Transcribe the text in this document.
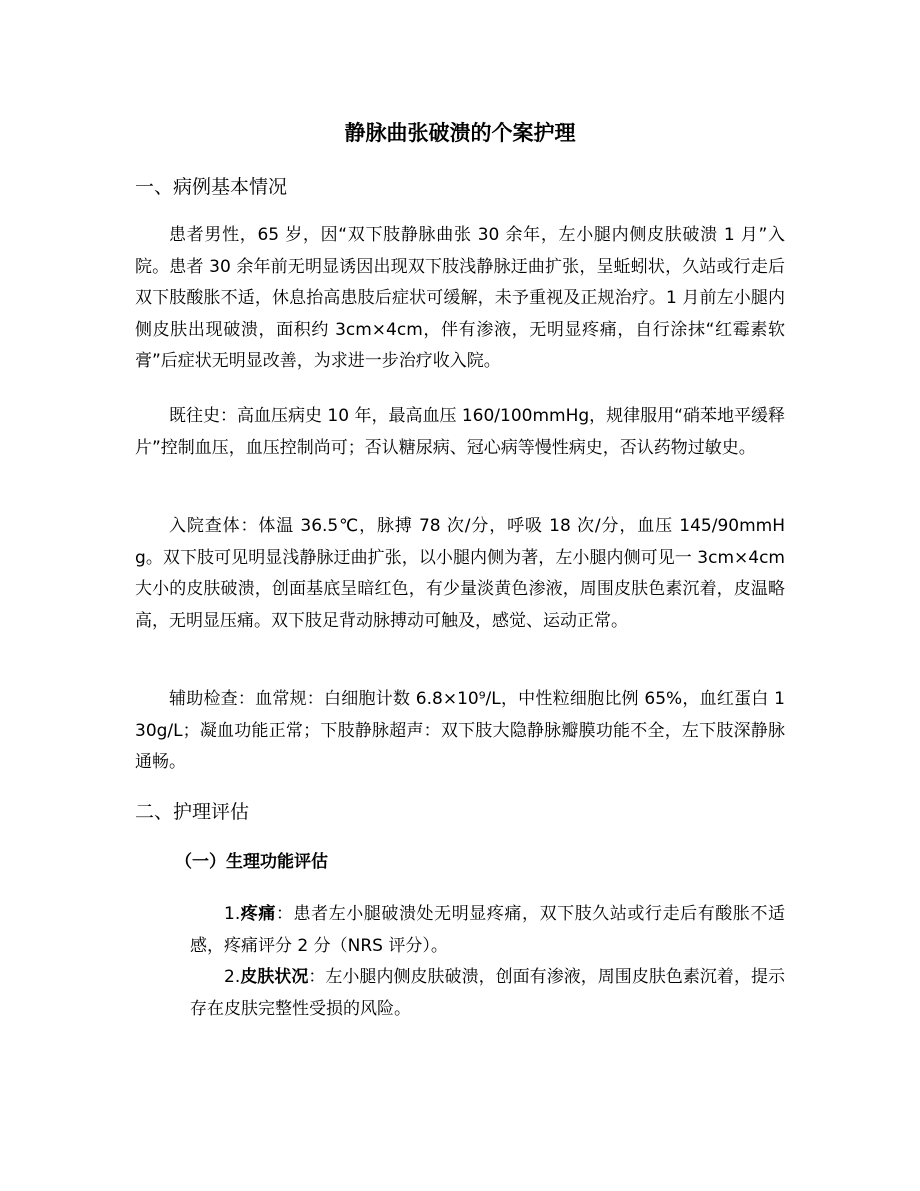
静脉曲张破溃的个案护理
一、病例基本情况
患者男性，65 岁，因“双下肢静脉曲张 30 余年，左小腿内侧皮肤破溃 1 月”入院。患者 30 余年前无明显诱因出现双下肢浅静脉迂曲扩张，呈蚯蚓状，久站或行走后双下肢酸胀不适，休息抬高患肢后症状可缓解，未予重视及正规治疗。1 月前左小腿内侧皮肤出现破溃，面积约 3cm×4cm，伴有渗液，无明显疼痛，自行涂抹“红霉素软膏”后症状无明显改善，为求进一步治疗收入院。
既往史：高血压病史 10 年，最高血压 160/100mmHg，规律服用“硝苯地平缓释片”控制血压，血压控制尚可；否认糖尿病、冠心病等慢性病史，否认药物过敏史。
入院查体：体温 36.5℃，脉搏 78 次/分，呼吸 18 次/分，血压 145/90mmHg。双下肢可见明显浅静脉迂曲扩张，以小腿内侧为著，左小腿内侧可见一 3cm×4cm 大小的皮肤破溃，创面基底呈暗红色，有少量淡黄色渗液，周围皮肤色素沉着，皮温略高，无明显压痛。双下肢足背动脉搏动可触及，感觉、运动正常。
辅助检查：血常规：白细胞计数 6.8×10⁹/L，中性粒细胞比例 65%，血红蛋白 130g/L；凝血功能正常；下肢静脉超声：双下肢大隐静脉瓣膜功能不全，左下肢深静脉通畅。
二、护理评估
（一）生理功能评估
1.疼痛：患者左小腿破溃处无明显疼痛，双下肢久站或行走后有酸胀不适感，疼痛评分 2 分（NRS 评分）。
2.皮肤状况：左小腿内侧皮肤破溃，创面有渗液，周围皮肤色素沉着，提示存在皮肤完整性受损的风险。
